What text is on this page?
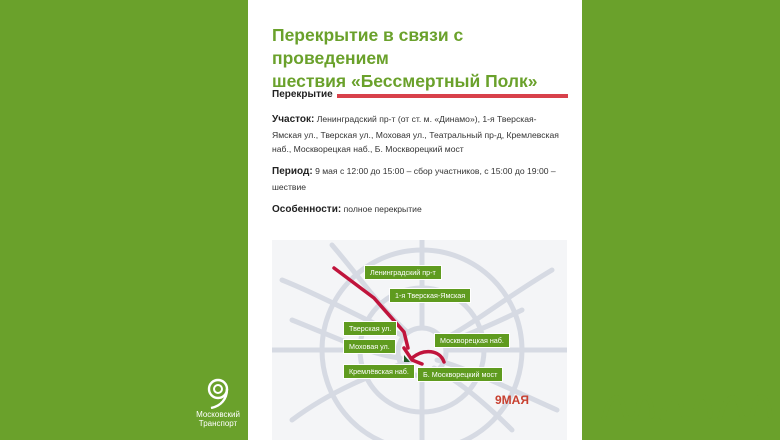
Московский
Транспорт
Перекрытие в связи с проведением
шествия «Бессмертный Полк»
Перекрытие
Участок: Ленинградский пр-т (от ст. м. «Динамо»), 1-я Тверская-Ямская ул., Тверская ул., Моховая ул., Театральный пр-д, Кремлевская наб., Москворецкая наб., Б. Москворецкий мост
Период: 9 мая с 12:00 до 15:00 – сбор участников, с 15:00 до 19:00 – шествие
Особенности: полное перекрытие
Ленинградский пр-т
1-я Тверская-Ямская
Тверская ул.
Моховая ул.
Москворецкая наб.
Кремлёвская наб.	Б. Москворецкий мост
9МАЯ
